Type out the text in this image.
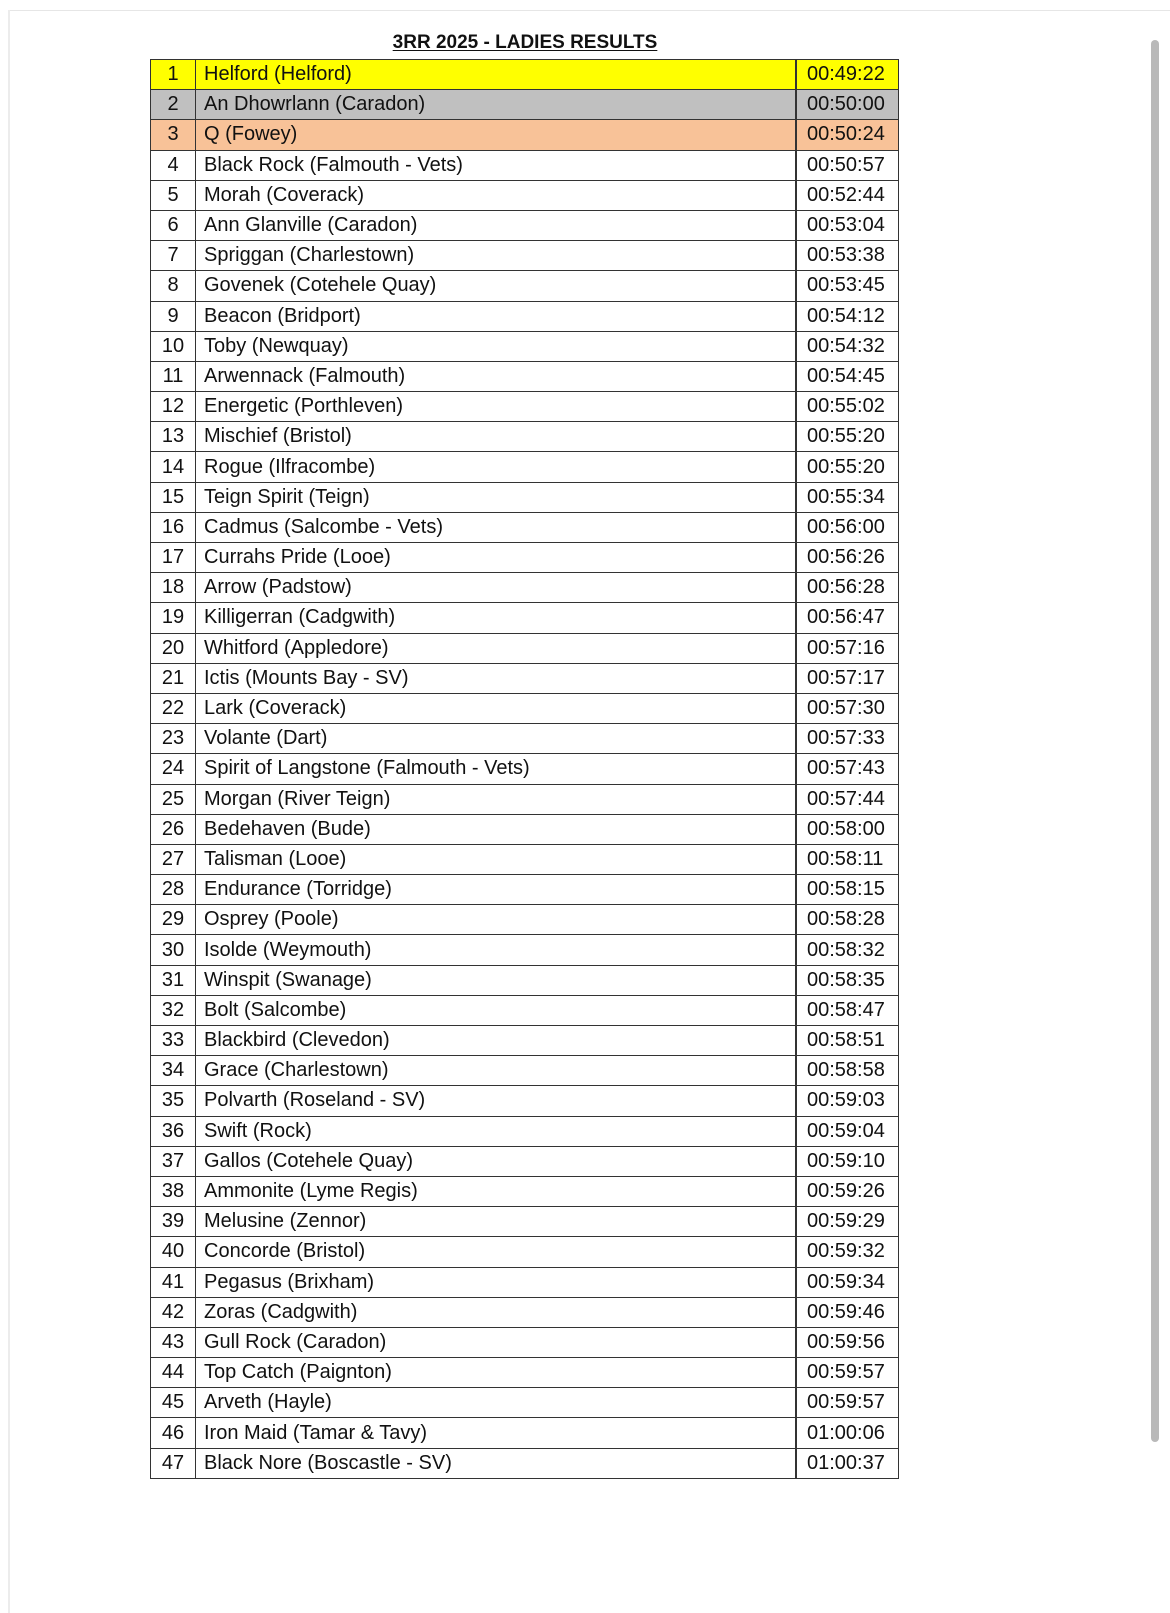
3RR 2025 - LADIES RESULTS
1	Helford (Helford)		00:49:22
2	An Dhowrlann (Caradon)		00:50:00
3	Q (Fowey)		00:50:24
4	Black Rock (Falmouth - Vets)		00:50:57
5	Morah (Coverack)		00:52:44
6	Ann Glanville (Caradon)		00:53:04
7	Spriggan (Charlestown)		00:53:38
8	Govenek (Cotehele Quay)		00:53:45
9	Beacon (Bridport)		00:54:12
10	Toby (Newquay)		00:54:32
11	Arwennack (Falmouth)		00:54:45
12	Energetic (Porthleven)		00:55:02
13	Mischief (Bristol)		00:55:20
14	Rogue (Ilfracombe)		00:55:20
15	Teign Spirit (Teign)		00:55:34
16	Cadmus (Salcombe - Vets)		00:56:00
17	Currahs Pride (Looe)		00:56:26
18	Arrow (Padstow)		00:56:28
19	Killigerran (Cadgwith)		00:56:47
20	Whitford (Appledore)		00:57:16
21	Ictis (Mounts Bay - SV)		00:57:17
22	Lark (Coverack)		00:57:30
23	Volante (Dart)		00:57:33
24	Spirit of Langstone (Falmouth - Vets)		00:57:43
25	Morgan (River Teign)		00:57:44
26	Bedehaven (Bude)		00:58:00
27	Talisman (Looe)		00:58:11
28	Endurance (Torridge)		00:58:15
29	Osprey (Poole)		00:58:28
30	Isolde (Weymouth)		00:58:32
31	Winspit (Swanage)		00:58:35
32	Bolt (Salcombe)		00:58:47
33	Blackbird (Clevedon)		00:58:51
34	Grace (Charlestown)		00:58:58
35	Polvarth (Roseland - SV)		00:59:03
36	Swift (Rock)		00:59:04
37	Gallos (Cotehele Quay)		00:59:10
38	Ammonite (Lyme Regis)		00:59:26
39	Melusine (Zennor)		00:59:29
40	Concorde (Bristol)		00:59:32
41	Pegasus (Brixham)		00:59:34
42	Zoras (Cadgwith)		00:59:46
43	Gull Rock (Caradon)		00:59:56
44	Top Catch (Paignton)		00:59:57
45	Arveth (Hayle)		00:59:57
46	Iron Maid (Tamar & Tavy)		01:00:06
47	Black Nore (Boscastle - SV)		01:00:37
